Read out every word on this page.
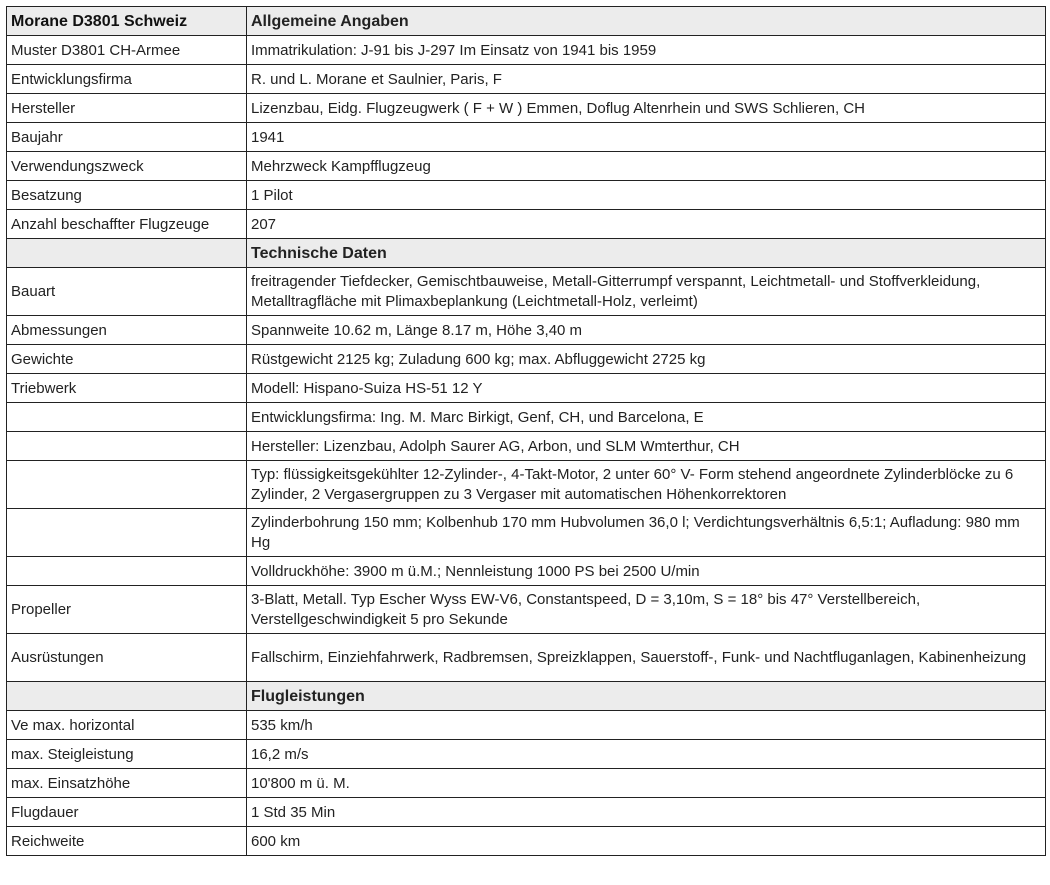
Morane D3801 Schweiz	Allgemeine Angaben
Muster D3801 CH-Armee	Immatrikulation: J-91 bis J-297 Im Einsatz von 1941 bis 1959
Entwicklungsfirma	R. und L. Morane et Saulnier, Paris, F
Hersteller	Lizenzbau, Eidg. Flugzeugwerk ( F + W ) Emmen, Doflug Altenrhein und SWS Schlieren, CH
Baujahr	1941
Verwendungszweck	Mehrzweck Kampfflugzeug
Besatzung	1 Pilot
Anzahl beschaffter Flugzeuge	207
	Technische Daten
Bauart	freitragender Tiefdecker, Gemischtbauweise, Metall-Gitterrumpf verspannt, Leichtmetall- und Stoffverkleidung, Metalltragfläche mit Plimaxbeplankung (Leichtmetall-Holz, verleimt)
Abmessungen	Spannweite 10.62 m, Länge 8.17 m, Höhe 3,40 m
Gewichte	Rüstgewicht 2125 kg; Zuladung 600 kg; max. Abfluggewicht 2725 kg
Triebwerk	Modell: Hispano-Suiza HS-51 12 Y
	Entwicklungsfirma: Ing. M. Marc Birkigt, Genf, CH, und Barcelona, E
	Hersteller: Lizenzbau, Adolph Saurer AG, Arbon, und SLM Wmterthur, CH
	Typ: flüssigkeitsgekühlter 12-Zylinder-, 4-Takt-Motor, 2 unter 60° V- Form stehend angeordnete Zylinderblöcke zu 6 Zylinder, 2 Vergasergruppen zu 3 Vergaser mit automatischen Höhenkorrektoren
	Zylinderbohrung 150 mm; Kolbenhub 170 mm Hubvolumen 36,0 l; Verdichtungsverhältnis 6,5:1; Aufladung: 980 mm Hg
	Volldruckhöhe: 3900 m ü.M.; Nennleistung 1000 PS bei 2500 U/min
Propeller	3-Blatt, Metall. Typ Escher Wyss EW-V6, Constantspeed, D = 3,10m, S = 18° bis 47° Verstellbereich, Verstellgeschwindigkeit 5 pro Sekunde
Ausrüstungen	Fallschirm, Einziehfahrwerk, Radbremsen, Spreizklappen, Sauerstoff-, Funk- und Nachtfluganlagen, Kabinenheizung
	Flugleistungen
Ve max. horizontal	535 km/h
max. Steigleistung	16,2 m/s
max. Einsatzhöhe	10'800 m ü. M.
Flugdauer	1 Std 35 Min
Reichweite	600 km
